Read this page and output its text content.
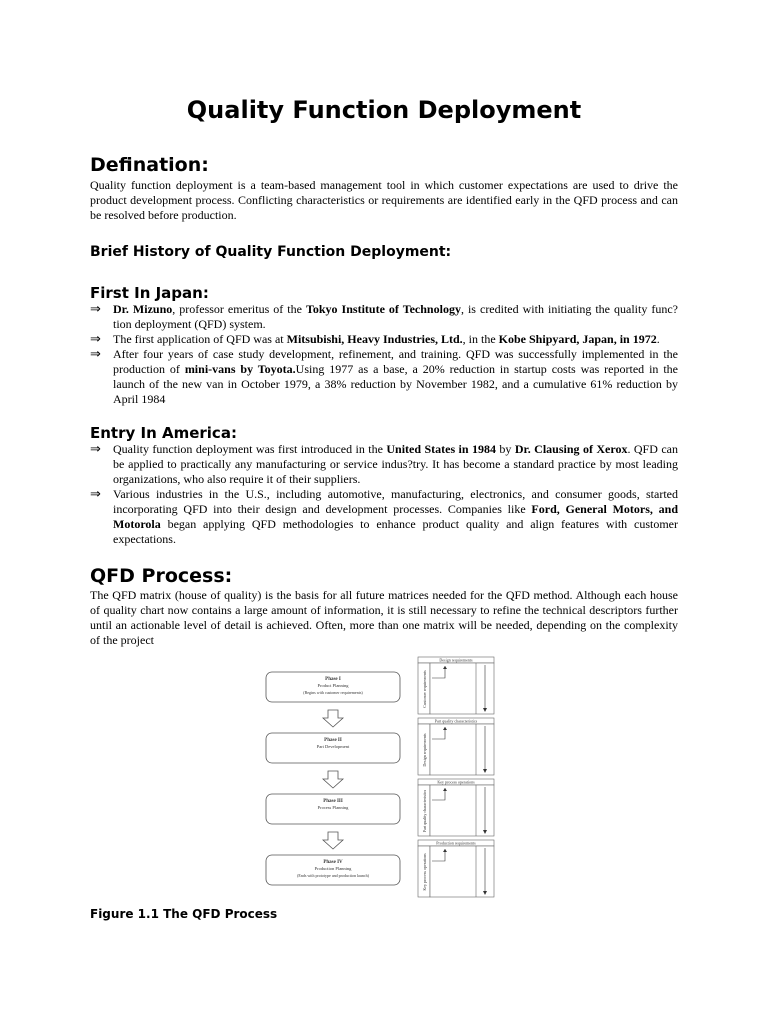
Quality Function Deployment
Defination:

Quality function deployment is a team-based management tool in which customer expectations are used to drive the product development process. Conflicting characteristics or requirements are identified early in the QFD process and can be resolved before production.

Brief History of Quality Function Deployment:
First In Japan:
⇒ Dr. Mizuno, professor emeritus of the Tokyo Institute of Technology, is credited with initiating the quality func?tion deployment (QFD) system.
⇒ The first application of QFD was at Mitsubishi, Heavy Industries, Ltd., in the Kobe Shipyard, Japan, in 1972.
⇒ After four years of case study development, refinement, and training. QFD was successfully implemented in the production of mini-vans by Toyota.Using 1977 as a base, a 20% reduction in startup costs was reported in the launch of the new van in October 1979, a 38% reduction by November 1982, and a cumulative 61% reduction by April 1984
Entry In America:
⇒ Quality function deployment was first introduced in the United States in 1984 by Dr. Clausing of Xerox. QFD can be applied to practically any manufacturing or service indus?try. It has become a standard practice by most leading organizations, who also require it of their suppliers.
⇒ Various industries in the U.S., including automotive, manufacturing, electronics, and consumer goods, started incorporating QFD into their design and development processes. Companies like Ford, General Motors, and Motorola began applying QFD methodologies to enhance product quality and align features with customer expectations.
QFD Process:

The QFD matrix (house of quality) is the basis for all future matrices needed for the QFD method. Although each house of quality chart now contains a large amount of information, it is still necessary to refine the technical descriptors further until an actionable level of detail is achieved. Often, more than one matrix will be needed, depending on the complexity of the project

Phase I
Product Planning
(Begins with customer requirements)
Phase II
Part Development
Phase III
Process Planning
Phase IV
Production Planning
(Ends with prototype and production launch)
Design requirements
Customer requirements
Part quality characteristics
Design requirements
Key process operations
Part quality characteristics
Production requirements
Key process operations

Figure 1.1 The QFD Process
